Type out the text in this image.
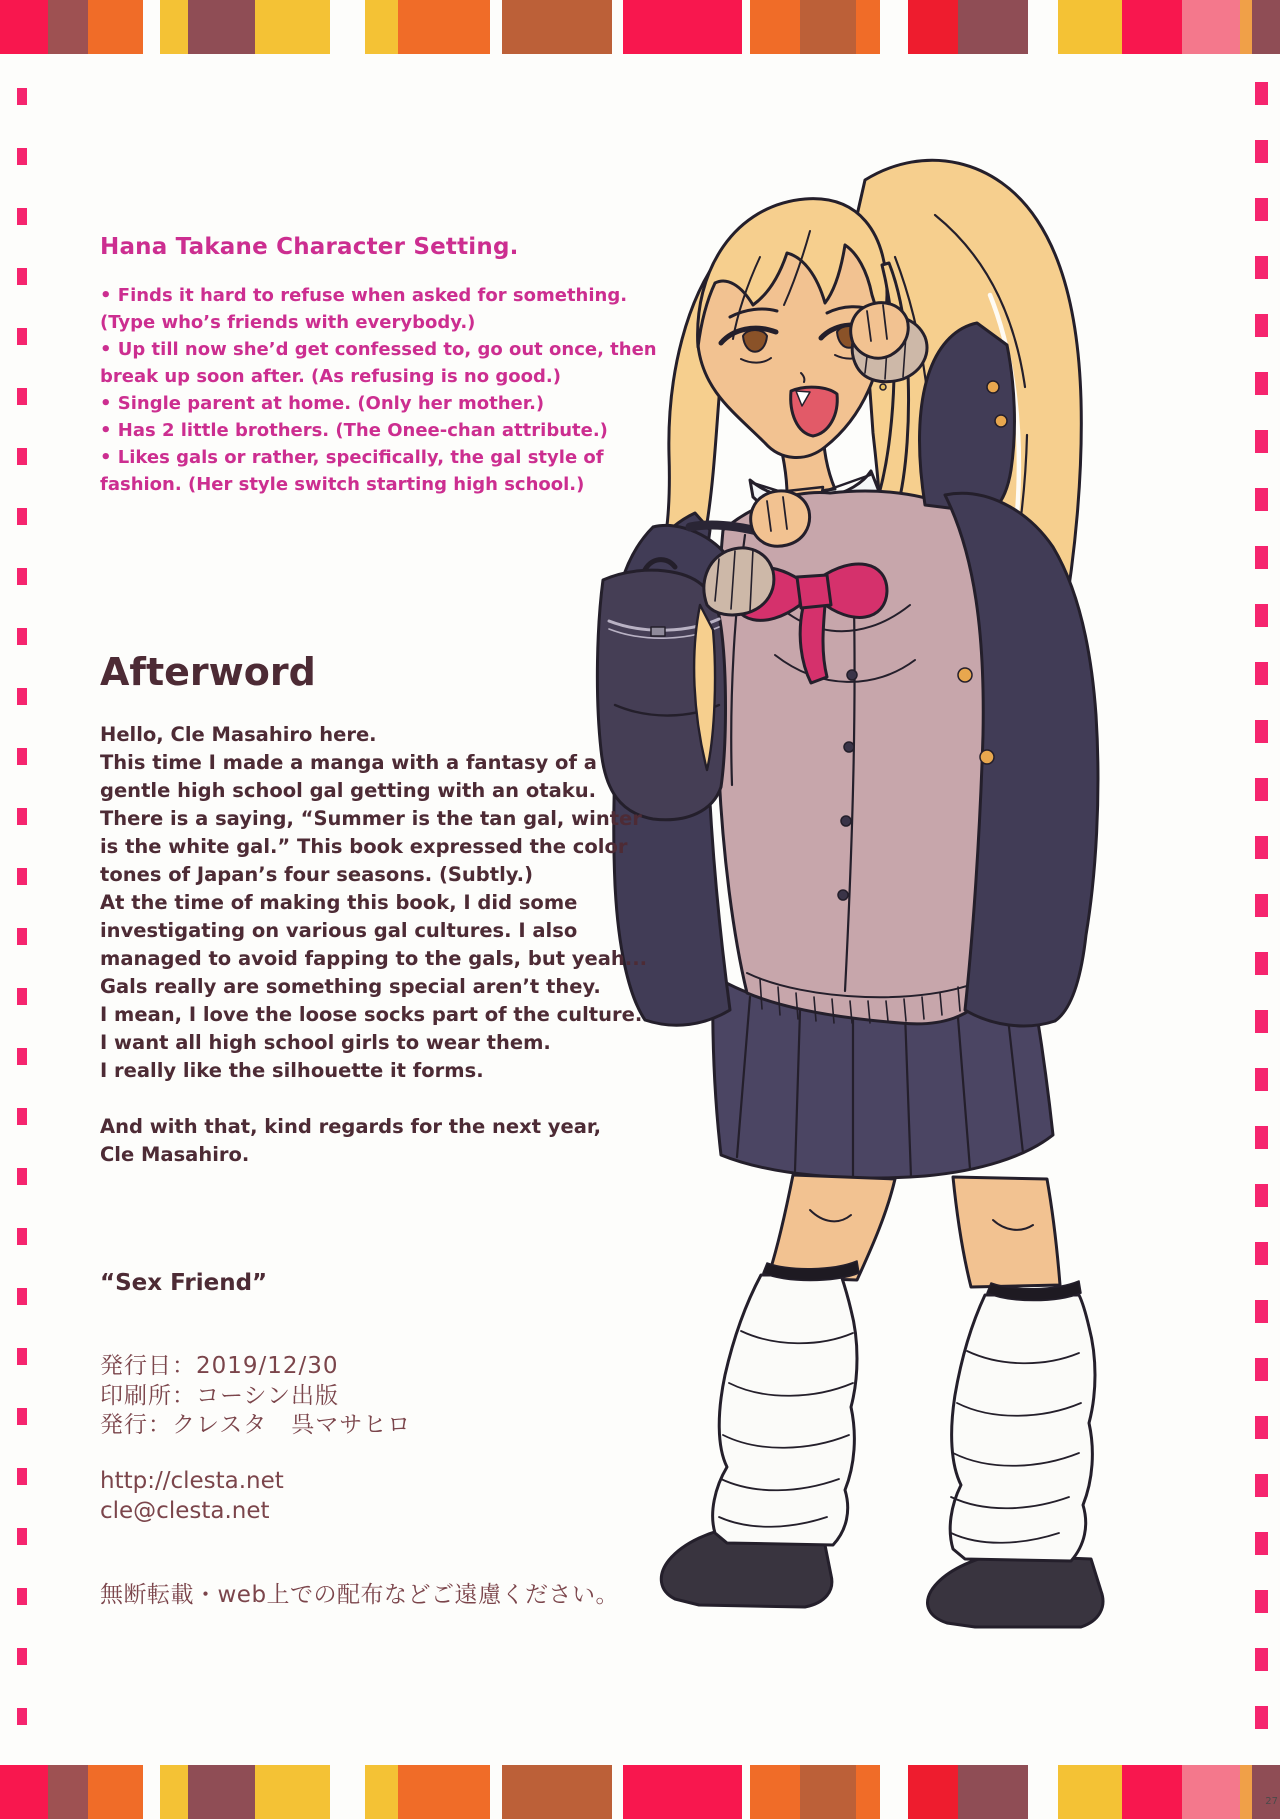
Hana Takane Character Setting.
• Finds it hard to refuse when asked for something. (Type who’s friends with everybody.)
• Up till now she’d get confessed to, go out once, then break up soon after. (As refusing is no good.)
• Single parent at home. (Only her mother.)
• Has 2 little brothers. (The Onee-chan attribute.)
• Likes gals or rather, specifically, the gal style of fashion. (Her style switch starting high school.)
Afterword
Hello, Cle Masahiro here.
This time I made a manga with a fantasy of a gentle high school gal getting with an otaku.
There is a saying, “Summer is the tan gal, winter is the white gal.” This book expressed the color tones of Japan’s four seasons. (Subtly.)
At the time of making this book, I did some investigating on various gal cultures. I also managed to avoid fapping to the gals, but yeah...
Gals really are something special aren’t they.
I mean, I love the loose socks part of the culture.
I want all high school girls to wear them.
I really like the silhouette it forms.
And with that, kind regards for the next year,
Cle Masahiro.
“Sex Friend”
発行日：2019/12/30
印刷所：コーシン出版
発行：クレスタ　呉マサヒロ
http://clesta.net
cle@clesta.net
無断転載・web上での配布などご遠慮ください。
27
